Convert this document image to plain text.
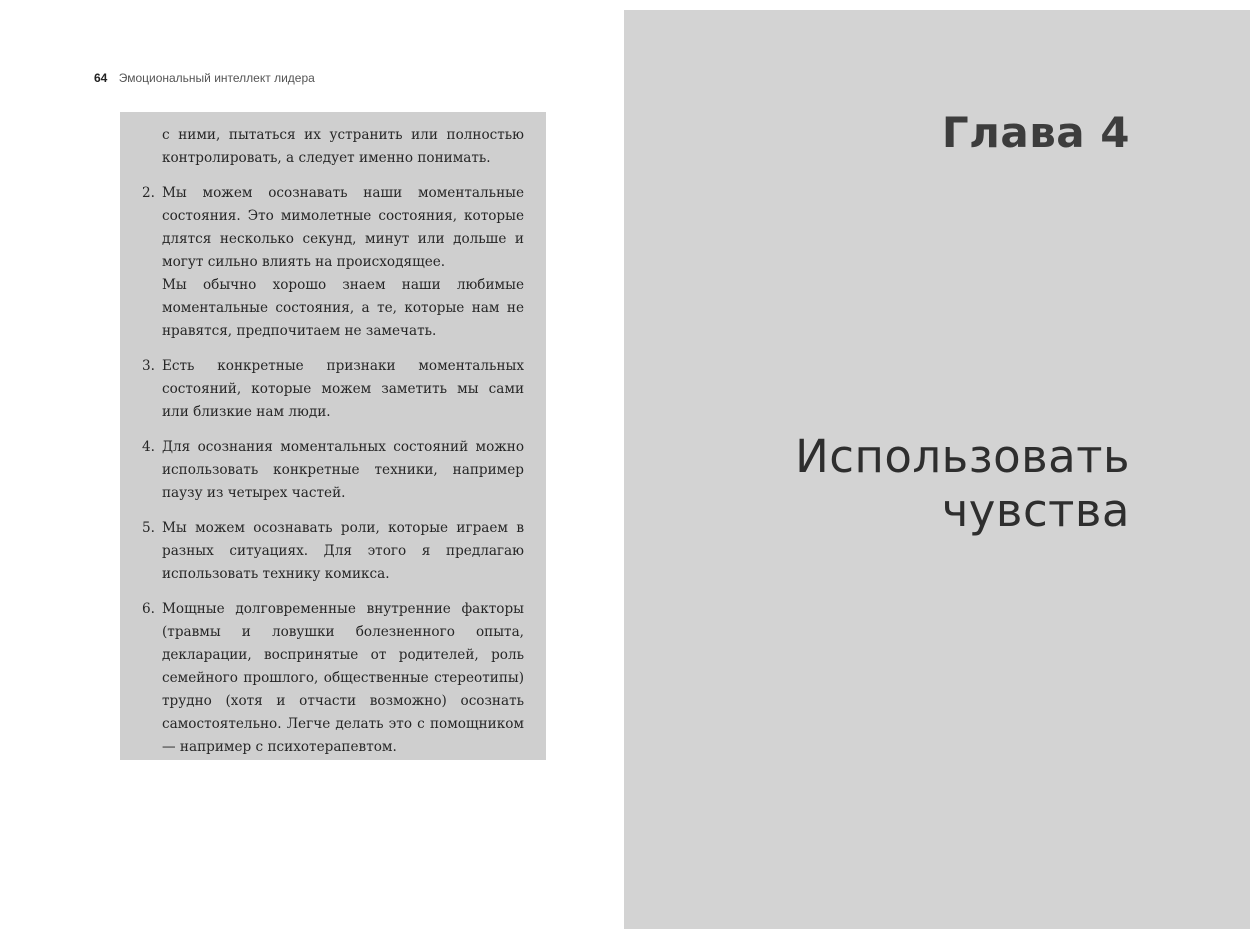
64 Эмоциональный интеллект лидера

с ними, пытаться их устранить или полностью контролировать, а следует именно понимать.

2. Мы можем осознавать наши моментальные состояния. Это мимолетные состояния, которые длятся несколько секунд, минут или дольше и могут сильно влиять на происходящее.

Мы обычно хорошо знаем наши любимые моментальные состояния, а те, которые нам не нравятся, предпочитаем не замечать.

3. Есть конкретные признаки моментальных состояний, которые можем заметить мы сами или близкие нам люди.

4. Для осознания моментальных состояний можно использовать конкретные техники, например паузу из четырех частей.

5. Мы можем осознавать роли, которые играем в разных ситуациях. Для этого я предлагаю использовать технику комикса.

6. Мощные долговременные внутренние факторы (травмы и ловушки болезненного опыта, декларации, воспринятые от родителей, роль семейного прошлого, общественные стереотипы) трудно (хотя и отчасти возможно) осознать самостоятельно. Легче делать это с помощником — например с психотерапевтом.

Глава 4
Использовать
чувства
